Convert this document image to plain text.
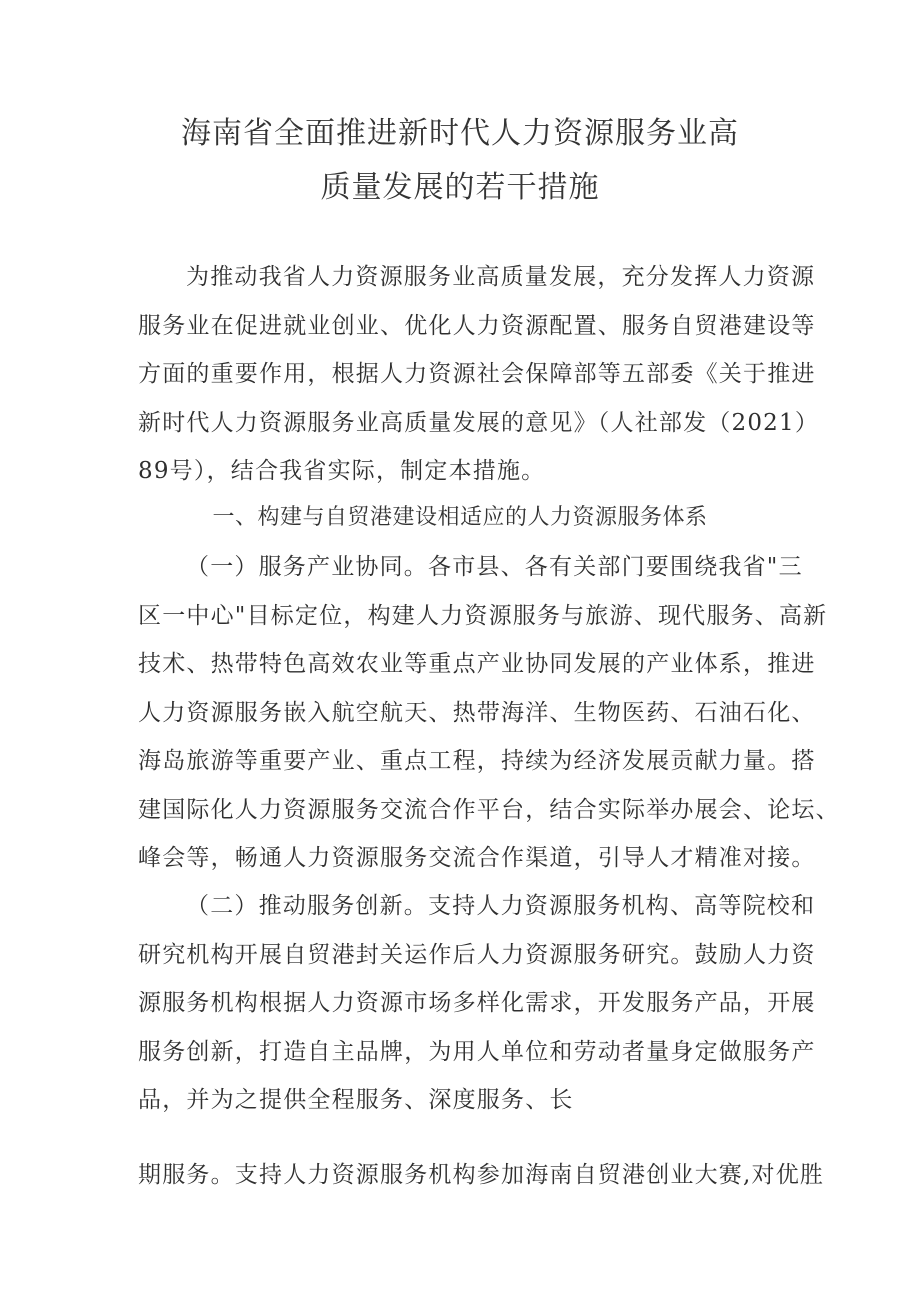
海南省全面推进新时代人力资源服务业高
质量发展的若干措施
为推动我省人力资源服务业高质量发展，充分发挥人力资源
服务业在促进就业创业、优化人力资源配置、服务自贸港建设等
方面的重要作用，根据人力资源社会保障部等五部委《关于推进
新时代人力资源服务业高质量发展的意见》（人社部发（2021）
89号），结合我省实际，制定本措施。
一、构建与自贸港建设相适应的人力资源服务体系
（一）服务产业协同。各市县、各有关部门要围绕我省"三
区一中心"目标定位，构建人力资源服务与旅游、现代服务、高新
技术、热带特色高效农业等重点产业协同发展的产业体系，推进
人力资源服务嵌入航空航天、热带海洋、生物医药、石油石化、
海岛旅游等重要产业、重点工程，持续为经济发展贡献力量。搭
建国际化人力资源服务交流合作平台，结合实际举办展会、论坛、
峰会等，畅通人力资源服务交流合作渠道，引导人才精准对接。
（二）推动服务创新。支持人力资源服务机构、高等院校和
研究机构开展自贸港封关运作后人力资源服务研究。鼓励人力资
源服务机构根据人力资源市场多样化需求，开发服务产品，开展
服务创新，打造自主品牌，为用人单位和劳动者量身定做服务产
品，并为之提供全程服务、深度服务、长
期服务。支持人力资源服务机构参加海南自贸港创业大赛,对优胜
